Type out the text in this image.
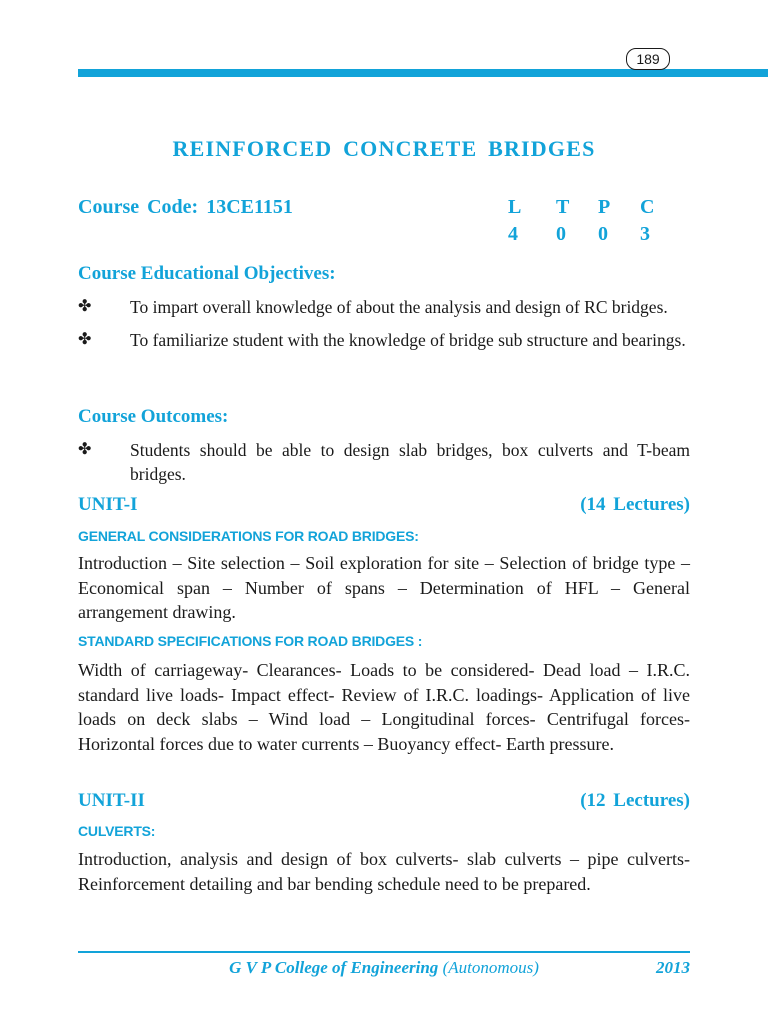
189
REINFORCED CONCRETE BRIDGES
Course Code: 13CE1151	L	T	P	C
4	0	0	3
Course Educational Objectives:
✤ To impart overall knowledge of about the analysis and design of RC bridges.
✤ To familiarize student with the knowledge of bridge sub structure and bearings.
Course Outcomes:
✤ Students should be able to design slab bridges, box culverts and T-beam bridges.
UNIT-I	(14 Lectures)
GENERAL CONSIDERATIONS FOR ROAD BRIDGES:
Introduction – Site selection – Soil exploration for site – Selection of bridge type – Economical span – Number of spans – Determination of HFL – General arrangement drawing.
STANDARD SPECIFICATIONS FOR ROAD BRIDGES :
Width of carriageway- Clearances- Loads to be considered- Dead load – I.R.C. standard live loads- Impact effect- Review of I.R.C. loadings- Application of live loads on deck slabs – Wind load – Longitudinal forces- Centrifugal forces- Horizontal forces due to water currents – Buoyancy effect- Earth pressure.
UNIT-II	(12 Lectures)
CULVERTS:
Introduction, analysis and design of box culverts- slab culverts – pipe culverts- Reinforcement detailing and bar bending schedule need to be prepared.
G V P College of Engineering (Autonomous)	2013
